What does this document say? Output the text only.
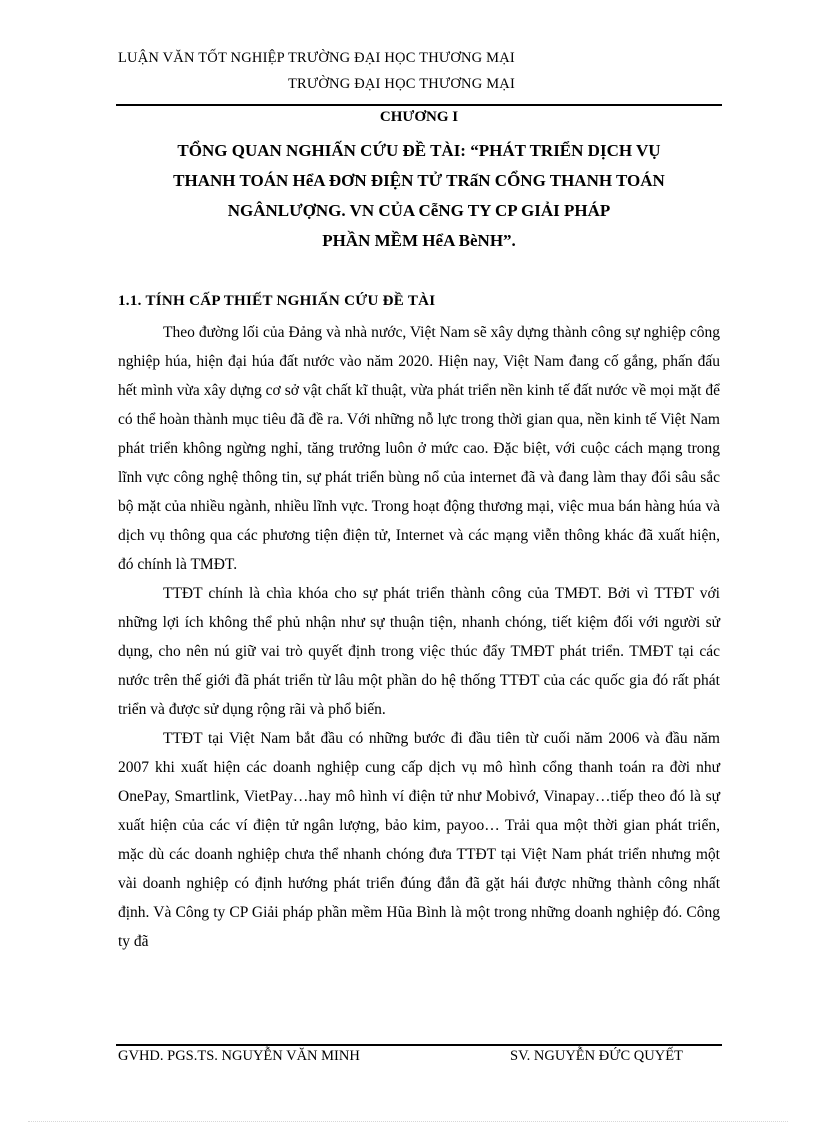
LUẬN VĂN TỐT NGHIỆP TRƯỜNG ĐẠI HỌC THƯƠNG MẠI
TRƯỜNG ĐẠI HỌC THƯƠNG MẠI
CHƯƠNG I
TỔNG QUAN NGHIẤN CỨU ĐỀ TÀI: “PHÁT TRIỂN DỊCH VỤ
THANH TOÁN HểA ĐƠN ĐIỆN TỬ TRấN CỔNG THANH TOÁN
NGÂNLƯỢNG. VN CỦA CễNG TY CP GIẢI PHÁP
PHẦN MỀM HểA BèNH”.
1.1. TÍNH CẤP THIẾT NGHIẤN CỨU ĐỀ TÀI

Theo đường lối của Đảng và nhà nước, Việt Nam sẽ xây dựng thành công sự nghiệp công nghiệp húa, hiện đại húa đất nước vào năm 2020. Hiện nay, Việt Nam đang cố gắng, phấn đấu hết mình vừa xây dựng cơ sở vật chất kĩ thuật, vừa phát triển nền kinh tế đất nước về mọi mặt để có thể hoàn thành mục tiêu đã đề ra. Với những nỗ lực trong thời gian qua, nền kinh tế Việt Nam phát triển không ngừng nghỉ, tăng trưởng luôn ở mức cao. Đặc biệt, với cuộc cách mạng trong lĩnh vực công nghệ thông tin, sự phát triển bùng nổ của internet đã và đang làm thay đổi sâu sắc bộ mặt của nhiều ngành, nhiều lĩnh vực. Trong hoạt động thương mại, việc mua bán hàng húa và dịch vụ thông qua các phương tiện điện tử, Internet và các mạng viễn thông khác đã xuất hiện, đó chính là TMĐT.

TTĐT chính là chìa khóa cho sự phát triển thành công của TMĐT. Bởi vì TTĐT với những lợi ích không thể phủ nhận như sự thuận tiện, nhanh chóng, tiết kiệm đối với người sử dụng, cho nên nú giữ vai trò quyết định trong việc thúc đẩy TMĐT phát triển. TMĐT tại các nước trên thế giới đã phát triển từ lâu một phần do hệ thống TTĐT của các quốc gia đó rất phát triển và được sử dụng rộng rãi và phổ biến.

TTĐT tại Việt Nam bắt đầu có những bước đi đầu tiên từ cuối năm 2006 và đầu năm 2007 khi xuất hiện các doanh nghiệp cung cấp dịch vụ mô hình cổng thanh toán ra đời như OnePay, Smartlink, VietPay…hay mô hình ví điện tử như Mobivớ, Vinapay…tiếp theo đó là sự xuất hiện của các ví điện tử ngân lượng, bảo kim, payoo… Trải qua một thời gian phát triển, mặc dù các doanh nghiệp chưa thể nhanh chóng đưa TTĐT tại Việt Nam phát triển nhưng một vài doanh nghiệp có định hướng phát triển đúng đắn đã gặt hái được những thành công nhất định. Và Công ty CP Giải pháp phần mềm Hũa Bình là một trong những doanh nghiệp đó. Công ty đã

GVHD. PGS.TS. NGUYỄN VĂN MINH	SV. NGUYỄN ĐỨC QUYẾT
